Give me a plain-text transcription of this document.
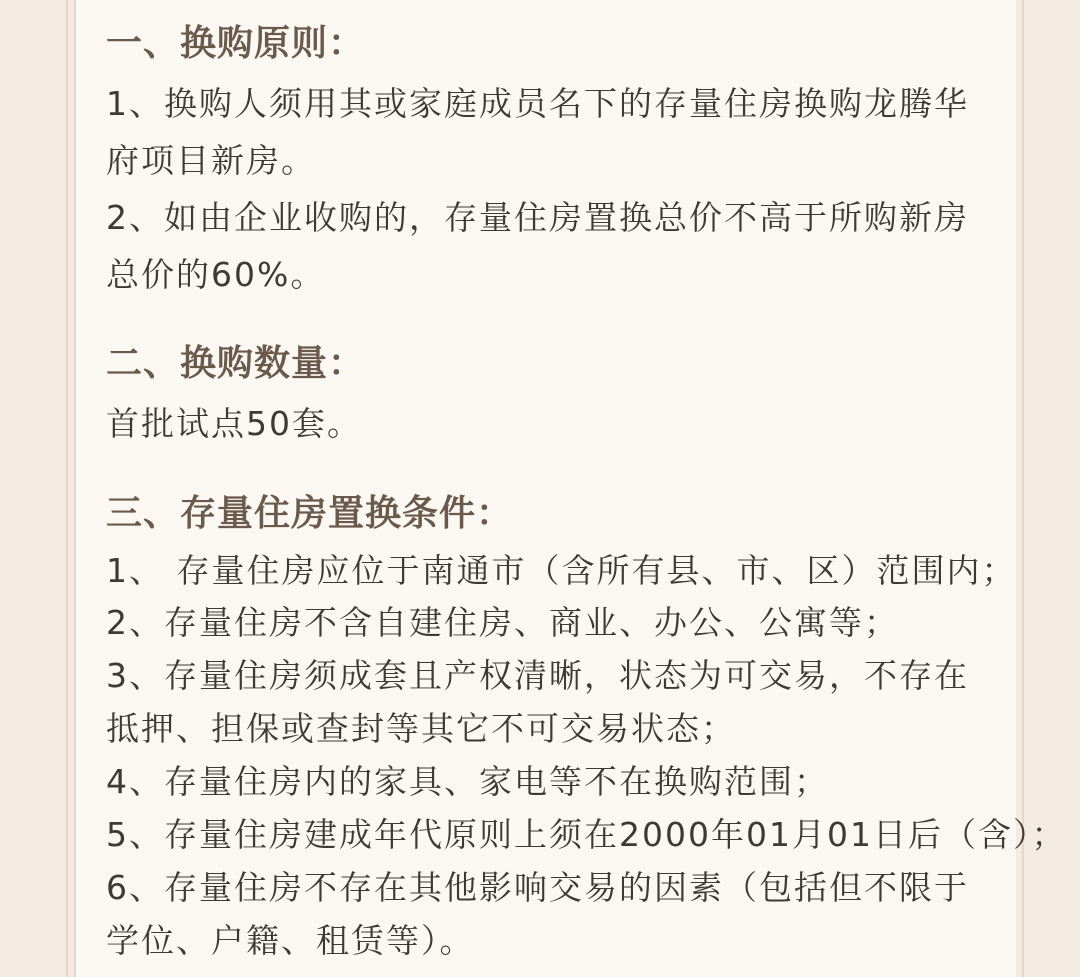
一、换购原则：
1、换购人须用其或家庭成员名下的存量住房换购龙腾华
府项目新房。
2、如由企业收购的，存量住房置换总价不高于所购新房
总价的60%。
二、换购数量：
首批试点50套。
三、存量住房置换条件：
1、 存量住房应位于南通市（含所有县、市、区）范围内；
2、存量住房不含自建住房、商业、办公、公寓等；
3、存量住房须成套且产权清晰，状态为可交易，不存在
抵押、担保或查封等其它不可交易状态；
4、存量住房内的家具、家电等不在换购范围；
5、存量住房建成年代原则上须在2000年01月01日后（含）；
6、存量住房不存在其他影响交易的因素（包括但不限于
学位、户籍、租赁等）。
